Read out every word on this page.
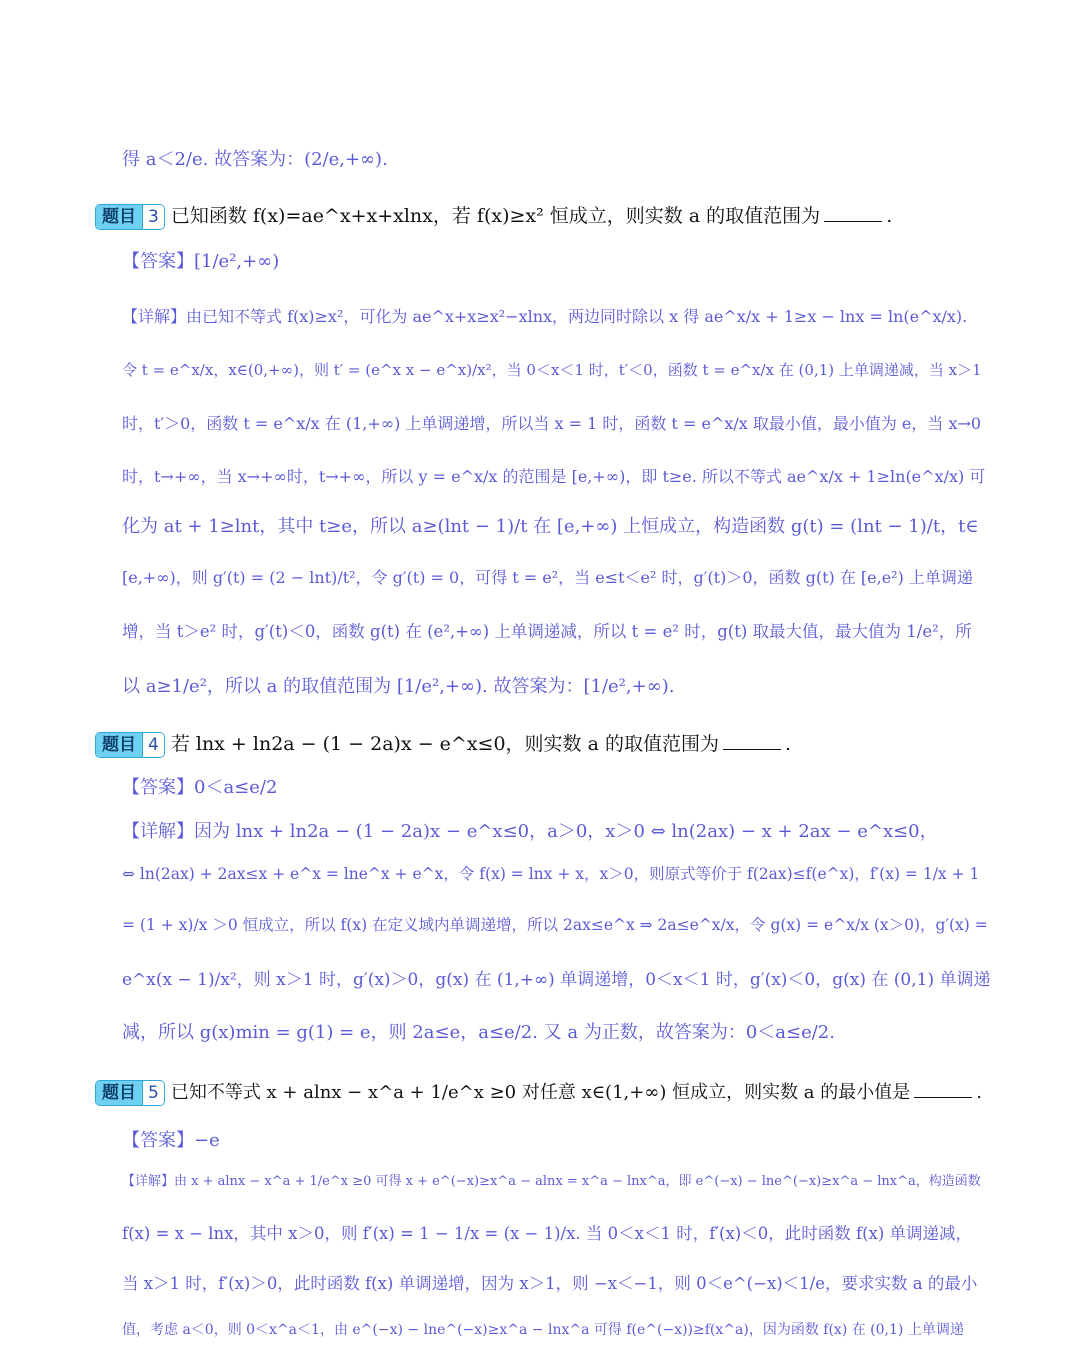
得 a＜2/e. 故答案为：(2/e,+∞).
题目 3 已知函数 f(x)=ae^x+x+xlnx，若 f(x)≥x² 恒成立，则实数 a 的取值范围为	.
【答案】[1/e²,+∞)
【详解】由已知不等式 f(x)≥x²，可化为 ae^x+x≥x²−xlnx，两边同时除以 x 得 ae^x/x + 1≥x − lnx = ln(e^x/x).
令 t = e^x/x，x∈(0,+∞)，则 t′ = (e^x x − e^x)/x²，当 0＜x＜1 时，t′＜0，函数 t = e^x/x 在 (0,1) 上单调递减，当 x＞1
时，t′＞0，函数 t = e^x/x 在 (1,+∞) 上单调递增，所以当 x = 1 时，函数 t = e^x/x 取最小值，最小值为 e，当 x→0
时，t→+∞，当 x→+∞时，t→+∞，所以 y = e^x/x 的范围是 [e,+∞)，即 t≥e. 所以不等式 ae^x/x + 1≥ln(e^x/x) 可
化为 at + 1≥lnt，其中 t≥e，所以 a≥(lnt − 1)/t 在 [e,+∞) 上恒成立，构造函数 g(t) = (lnt − 1)/t，t∈
[e,+∞)，则 g′(t) = (2 − lnt)/t²，令 g′(t) = 0，可得 t = e²，当 e≤t＜e² 时，g′(t)＞0，函数 g(t) 在 [e,e²) 上单调递
增，当 t＞e² 时，g′(t)＜0，函数 g(t) 在 (e²,+∞) 上单调递减，所以 t = e² 时，g(t) 取最大值，最大值为 1/e²，所
以 a≥1/e²，所以 a 的取值范围为 [1/e²,+∞). 故答案为：[1/e²,+∞).
题目 4 若 lnx + ln2a − (1 − 2a)x − e^x≤0，则实数 a 的取值范围为	.
【答案】0＜a≤e/2
【详解】因为 lnx + ln2a − (1 − 2a)x − e^x≤0，a＞0，x＞0 ⇔ ln(2ax) − x + 2ax − e^x≤0，
⇔ ln(2ax) + 2ax≤x + e^x = lne^x + e^x，令 f(x) = lnx + x，x＞0，则原式等价于 f(2ax)≤f(e^x)，f′(x) = 1/x + 1
= (1 + x)/x ＞0 恒成立，所以 f(x) 在定义域内单调递增，所以 2ax≤e^x ⇒ 2a≤e^x/x，令 g(x) = e^x/x (x＞0)，g′(x) =
e^x(x − 1)/x²，则 x＞1 时，g′(x)＞0，g(x) 在 (1,+∞) 单调递增，0＜x＜1 时，g′(x)＜0，g(x) 在 (0,1) 单调递
减，所以 g(x)min = g(1) = e，则 2a≤e，a≤e/2. 又 a 为正数，故答案为：0＜a≤e/2.
题目 5 已知不等式 x + alnx − x^a + 1/e^x ≥0 对任意 x∈(1,+∞) 恒成立，则实数 a 的最小值是	.
【答案】−e
【详解】由 x + alnx − x^a + 1/e^x ≥0 可得 x + e^(−x)≥x^a − alnx = x^a − lnx^a，即 e^(−x) − lne^(−x)≥x^a − lnx^a，构造函数
f(x) = x − lnx，其中 x＞0，则 f′(x) = 1 − 1/x = (x − 1)/x. 当 0＜x＜1 时，f′(x)＜0，此时函数 f(x) 单调递减，
当 x＞1 时，f′(x)＞0，此时函数 f(x) 单调递增，因为 x＞1，则 −x＜−1，则 0＜e^(−x)＜1/e，要求实数 a 的最小
值，考虑 a＜0，则 0＜x^a＜1，由 e^(−x) − lne^(−x)≥x^a − lnx^a 可得 f(e^(−x))≥f(x^a)，因为函数 f(x) 在 (0,1) 上单调递
